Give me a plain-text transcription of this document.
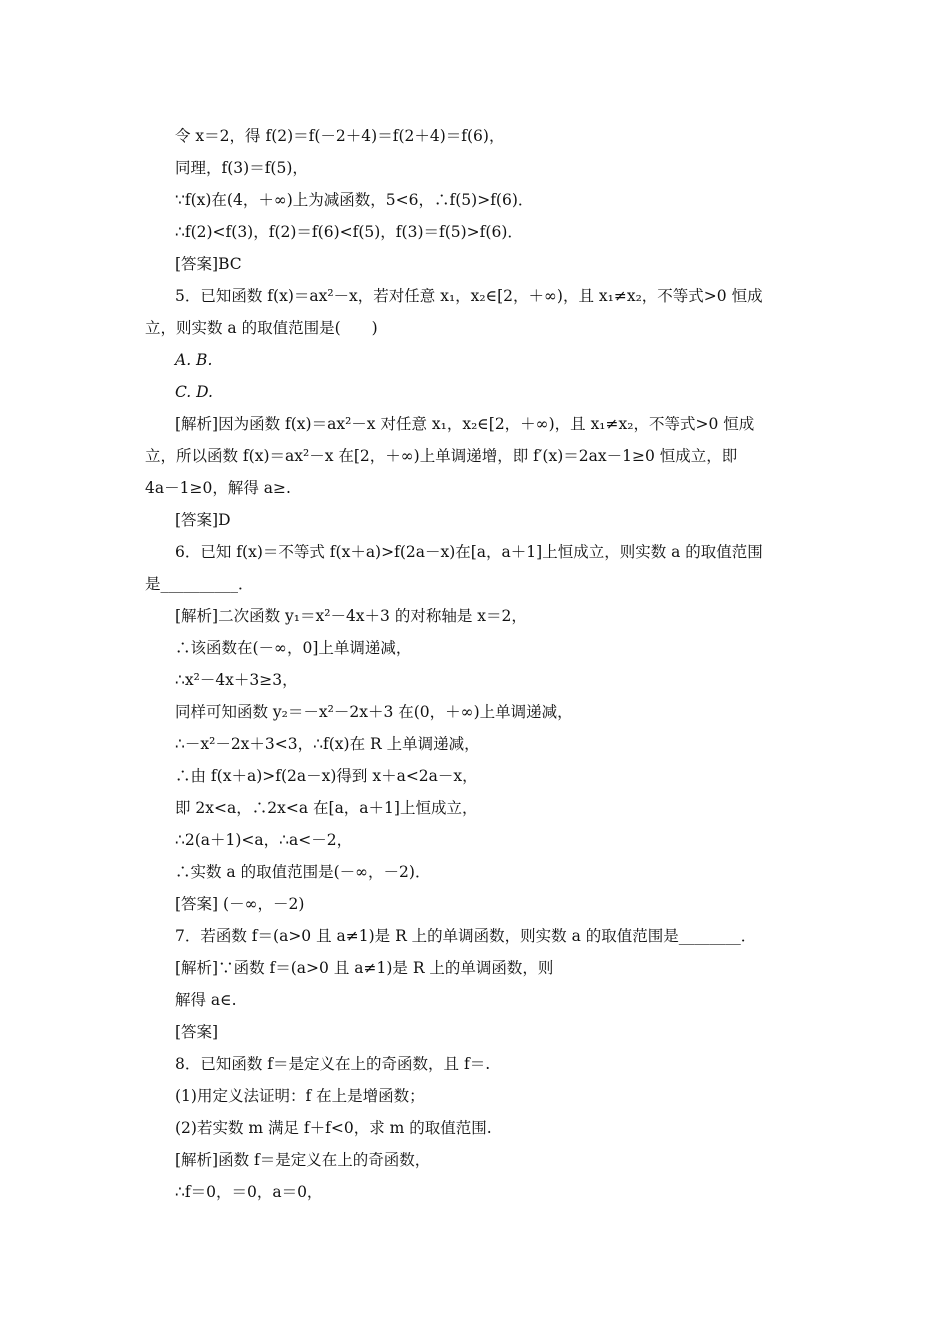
令 x＝2，得 f(2)＝f(－2＋4)＝f(2＋4)＝f(6)，
同理，f(3)＝f(5)，
∵f(x)在(4，＋∞)上为减函数，5<6，∴f(5)>f(6)．
∴f(2)<f(3)，f(2)＝f(6)<f(5)，f(3)＝f(5)>f(6)．
[答案]BC
5．已知函数 f(x)＝ax²－x，若对任意 x₁，x₂∈[2，＋∞)，且 x₁≠x₂，不等式>0 恒成
立，则实数 a 的取值范围是(　　)
A. B.
C. D.
[解析]因为函数 f(x)＝ax²－x 对任意 x₁，x₂∈[2，＋∞)，且 x₁≠x₂，不等式>0 恒成
立，所以函数 f(x)＝ax²－x 在[2，＋∞)上单调递增，即 f′(x)＝2ax－1≥0 恒成立，即
4a－1≥0，解得 a≥.
[答案]D
6．已知 f(x)＝不等式 f(x＋a)>f(2a－x)在[a，a＋1]上恒成立，则实数 a 的取值范围
是__________．
[解析]二次函数 y₁＝x²－4x＋3 的对称轴是 x＝2，
∴该函数在(－∞，0]上单调递减，
∴x²－4x＋3≥3，
同样可知函数 y₂＝－x²－2x＋3 在(0，＋∞)上单调递减，
∴－x²－2x＋3<3，∴f(x)在 R 上单调递减，
∴由 f(x＋a)>f(2a－x)得到 x＋a<2a－x，
即 2x<a，∴2x<a 在[a，a＋1]上恒成立，
∴2(a＋1)<a，∴a<－2，
∴实数 a 的取值范围是(－∞，－2)．
[答案] (－∞，－2)
7．若函数 f＝(a>0 且 a≠1)是 R 上的单调函数，则实数 a 的取值范围是________．
[解析]∵函数 f＝(a>0 且 a≠1)是 R 上的单调函数，则
解得 a∈.
[答案]
8．已知函数 f＝是定义在上的奇函数，且 f＝.
(1)用定义法证明：f 在上是增函数；
(2)若实数 m 满足 f＋f<0，求 m 的取值范围.
[解析]函数 f＝是定义在上的奇函数，
∴f＝0，＝0，a＝0，
